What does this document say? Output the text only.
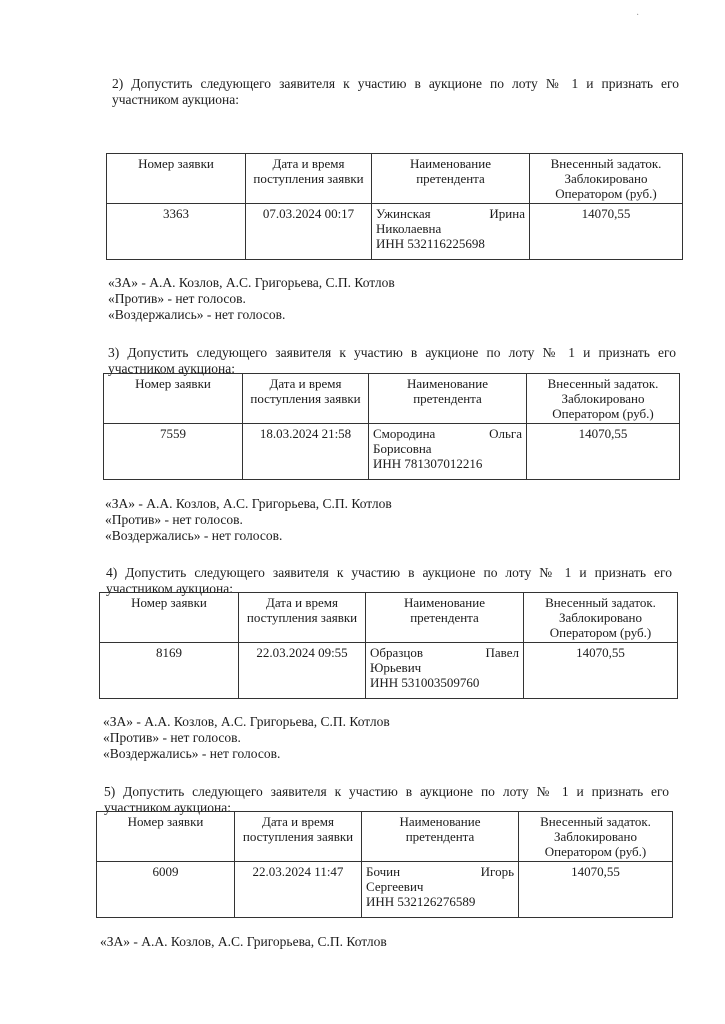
·

2) Допустить следующего заявителя к участию в аукционе по лоту № 1 и признать его

участником аукциона:

Номер заявки	Дата и время поступления заявки	Наименование претендента	Внесенный задаток. Заблокировано Оператором (руб.)
3363	07.03.2024 00:17	Ужинская Ирина
Николаевна
ИНН 532116225698	14070,55
«ЗА» - А.А. Козлов, А.С. Григорьева, С.П. Котлов
«Против» - нет голосов.
«Воздержались» - нет голосов.

3) Допустить следующего заявителя к участию в аукционе по лоту № 1 и признать его

участником аукциона:

Номер заявки	Дата и время поступления заявки	Наименование претендента	Внесенный задаток. Заблокировано Оператором (руб.)
7559	18.03.2024 21:58	Смородина Ольга
Борисовна
ИНН 781307012216	14070,55
«ЗА» - А.А. Козлов, А.С. Григорьева, С.П. Котлов
«Против» - нет голосов.
«Воздержались» - нет голосов.

4) Допустить следующего заявителя к участию в аукционе по лоту № 1 и признать его

участником аукциона:

Номер заявки	Дата и время поступления заявки	Наименование претендента	Внесенный задаток. Заблокировано Оператором (руб.)
8169	22.03.2024 09:55	Образцов Павел
Юрьевич
ИНН 531003509760	14070,55
«ЗА» - А.А. Козлов, А.С. Григорьева, С.П. Котлов
«Против» - нет голосов.
«Воздержались» - нет голосов.

5) Допустить следующего заявителя к участию в аукционе по лоту № 1 и признать его

участником аукциона:

Номер заявки	Дата и время поступления заявки	Наименование претендента	Внесенный задаток. Заблокировано Оператором (руб.)
6009	22.03.2024 11:47	Бочин Игорь
Сергеевич
ИНН 532126276589	14070,55
«ЗА» - А.А. Козлов, А.С. Григорьева, С.П. Котлов
